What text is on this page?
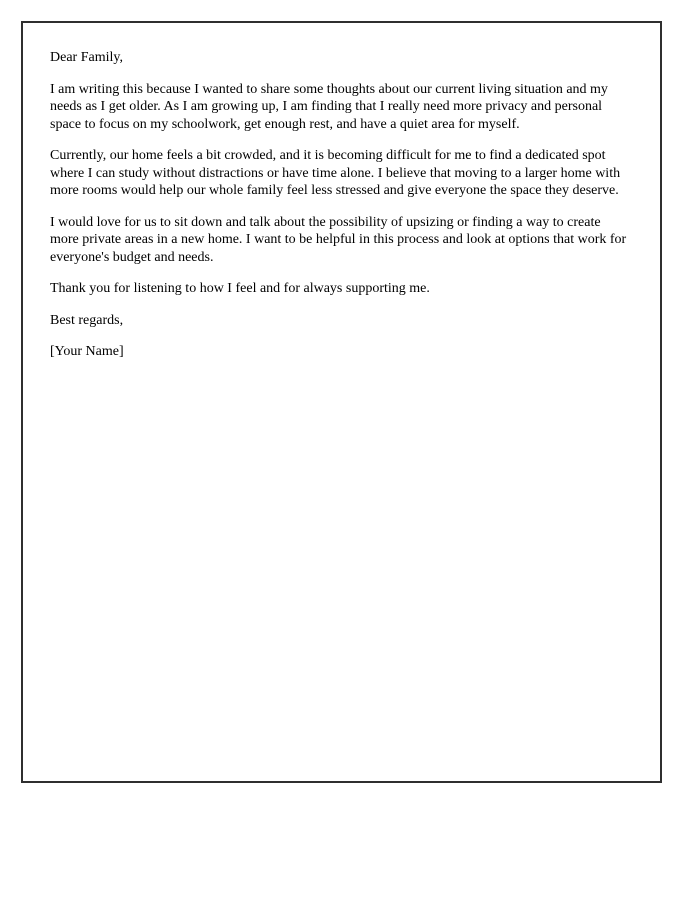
Dear Family,

I am writing this because I wanted to share some thoughts about our current living situation and my needs as I get older. As I am growing up, I am finding that I really need more privacy and personal space to focus on my schoolwork, get enough rest, and have a quiet area for myself.

Currently, our home feels a bit crowded, and it is becoming difficult for me to find a dedicated spot where I can study without distractions or have time alone. I believe that moving to a larger home with more rooms would help our whole family feel less stressed and give everyone the space they deserve.

I would love for us to sit down and talk about the possibility of upsizing or finding a way to create more private areas in a new home. I want to be helpful in this process and look at options that work for everyone's budget and needs.

Thank you for listening to how I feel and for always supporting me.

Best regards,

[Your Name]
